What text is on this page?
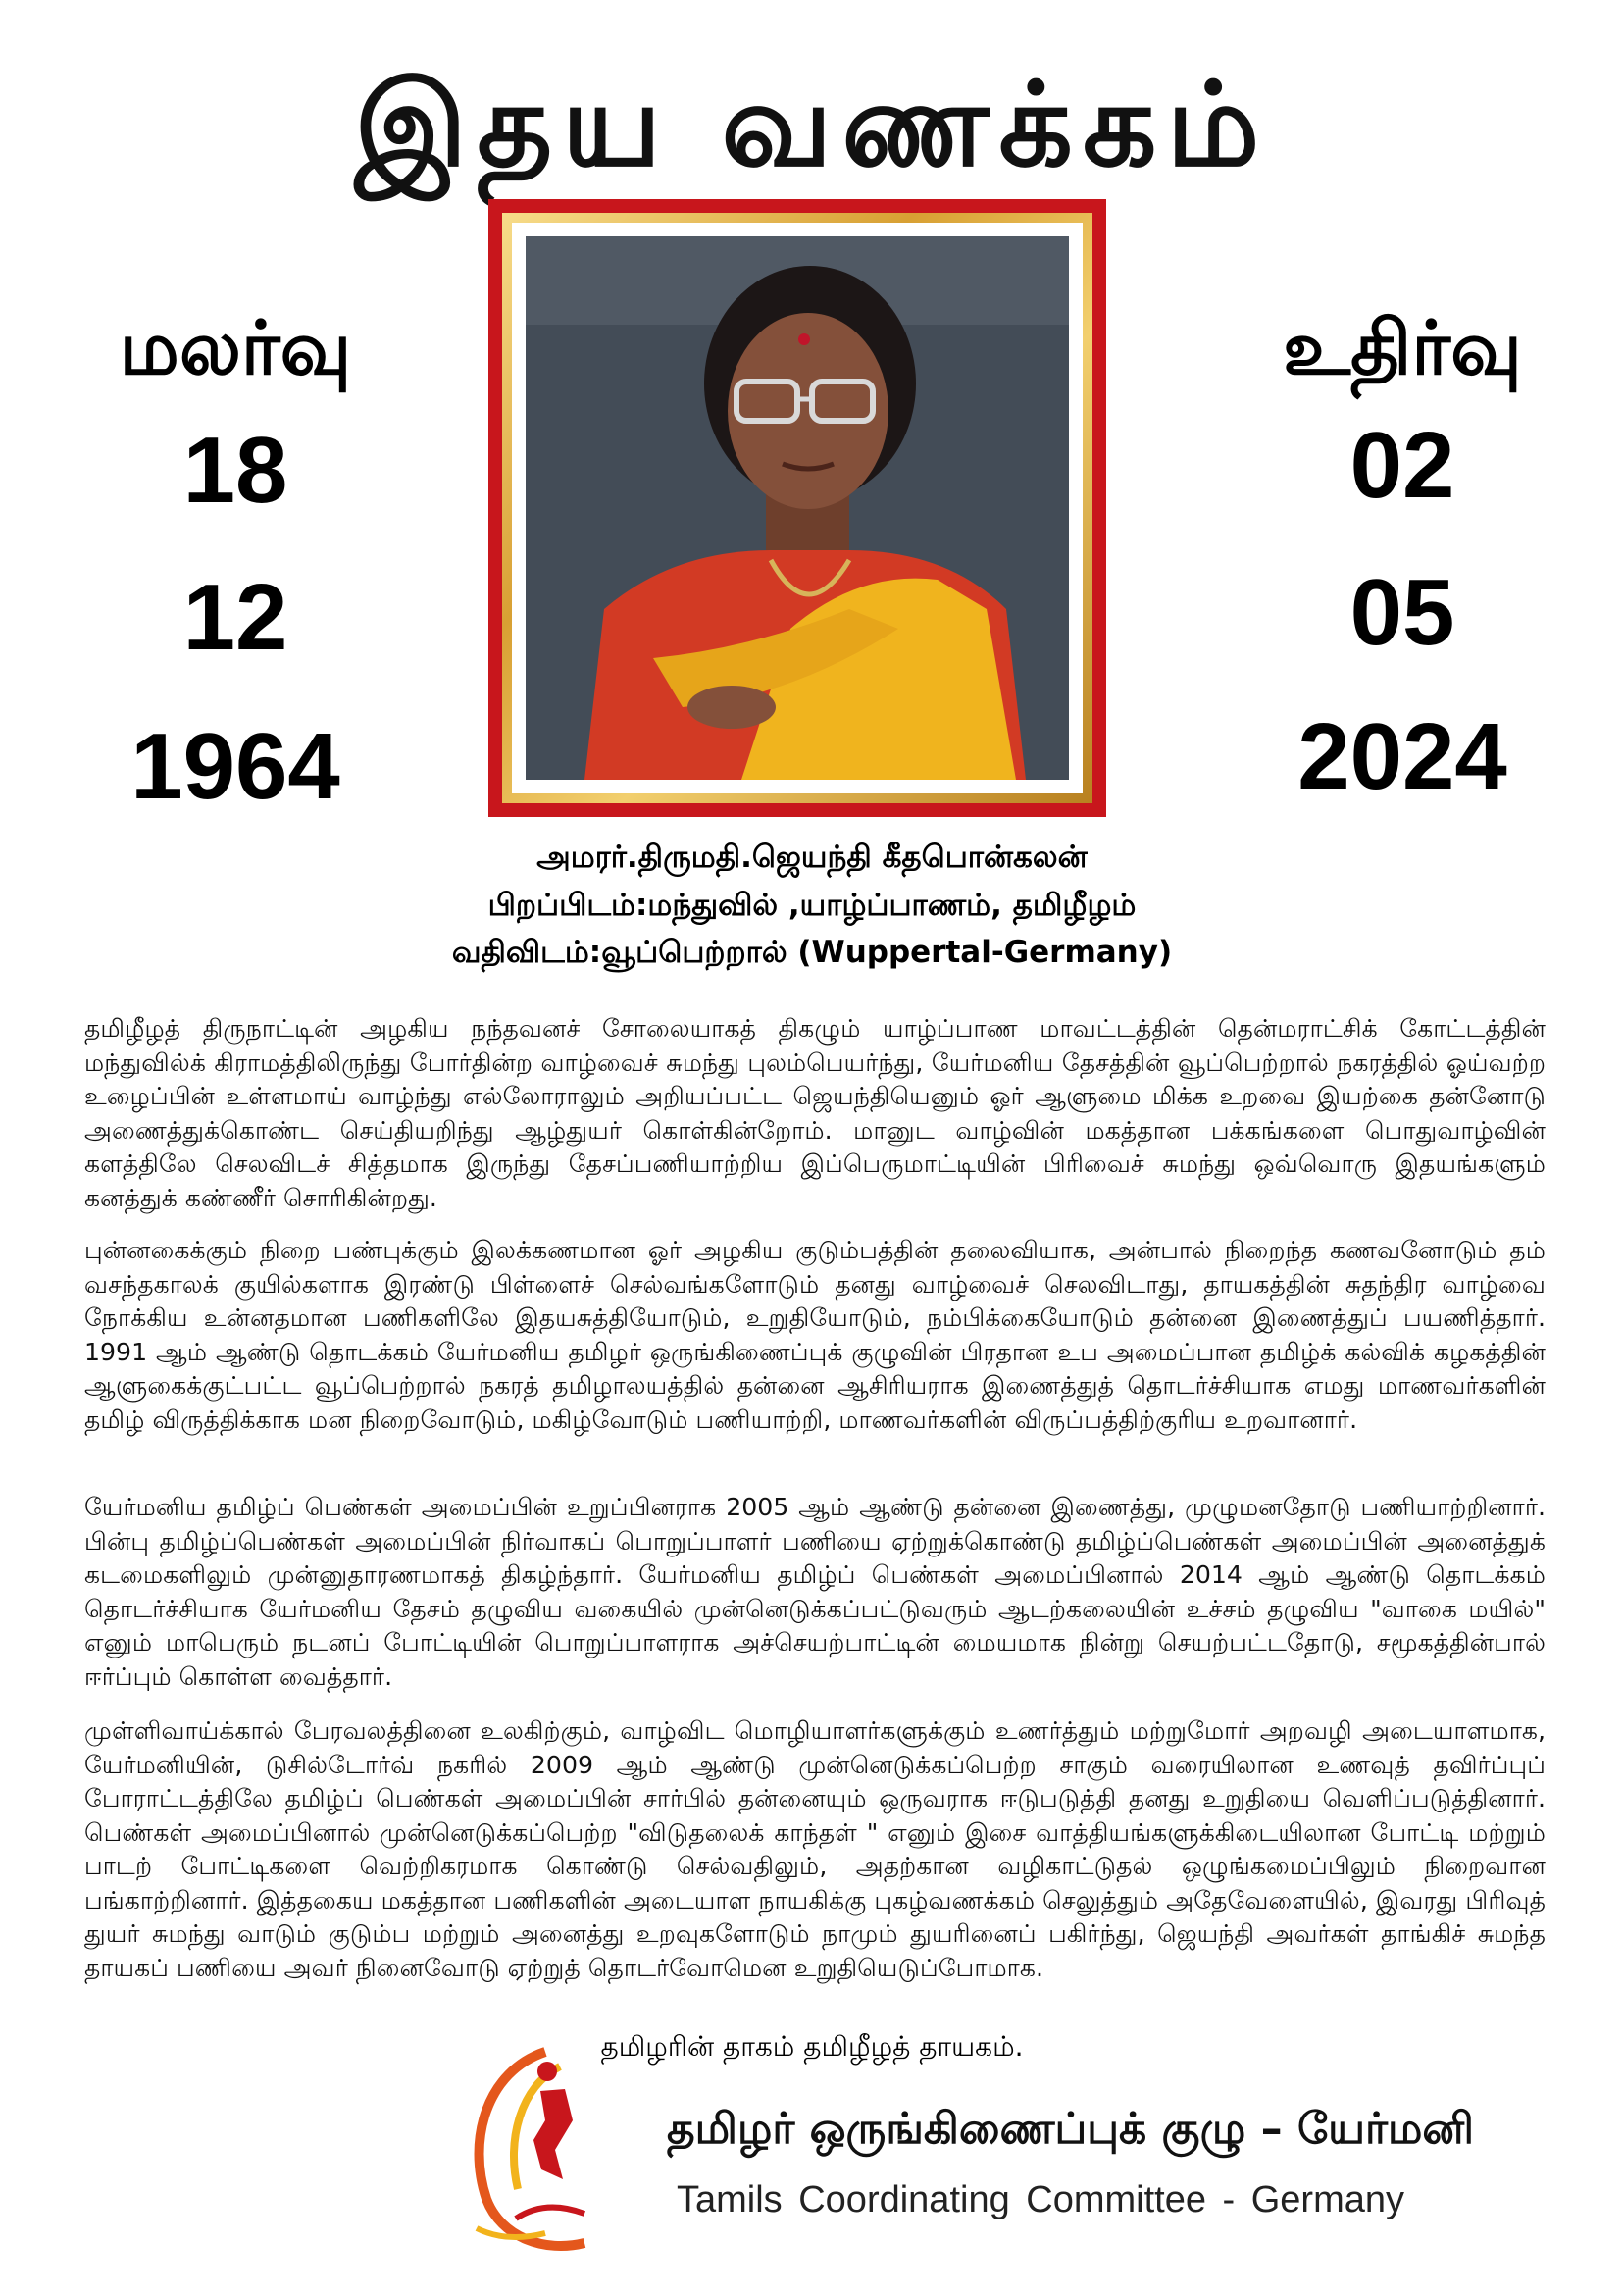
இதய வணக்கம்
மலர்வு
18
12
1964
உதிர்வு
02
05
2024
அமரர்.திருமதி.ஜெயந்தி கீதபொன்கலன்
பிறப்பிடம்:மந்துவில் ,யாழ்ப்பாணம், தமிழீழம்
வதிவிடம்:வூப்பெற்றால் (Wuppertal-Germany)

தமிழீழத் திருநாட்டின் அழகிய நந்தவனச் சோலையாகத் திகழும் யாழ்ப்பாண மாவட்டத்தின் தென்மராட்சிக் கோட்டத்தின் மந்துவில்க் கிராமத்திலிருந்து போர்தின்ற வாழ்வைச் சுமந்து புலம்பெயர்ந்து, யேர்மனிய தேசத்தின் வூப்பெற்றால் நகரத்தில் ஓய்வற்ற உழைப்பின் உள்ளமாய் வாழ்ந்து எல்லோராலும் அறியப்பட்ட ஜெயந்தியெனும் ஓர் ஆளுமை மிக்க உறவை இயற்கை தன்னோடு அணைத்துக்கொண்ட செய்தியறிந்து ஆழ்துயர் கொள்கின்றோம். மானுட வாழ்வின் மகத்தான பக்கங்களை பொதுவாழ்வின் களத்திலே செலவிடச் சித்தமாக இருந்து தேசப்பணியாற்றிய இப்பெருமாட்டியின் பிரிவைச் சுமந்து ஒவ்வொரு இதயங்களும் கனத்துக் கண்ணீர் சொரிகின்றது.

புன்னகைக்கும் நிறை பண்புக்கும் இலக்கணமான ஓர் அழகிய குடும்பத்தின் தலைவியாக, அன்பால் நிறைந்த கணவனோடும் தம் வசந்தகாலக் குயில்களாக இரண்டு பிள்ளைச் செல்வங்களோடும் தனது வாழ்வைச் செலவிடாது, தாயகத்தின் சுதந்திர வாழ்வை நோக்கிய உன்னதமான பணிகளிலே இதயசுத்தியோடும், உறுதியோடும், நம்பிக்கையோடும் தன்னை இணைத்துப் பயணித்தார். 1991 ஆம் ஆண்டு தொடக்கம் யேர்மனிய தமிழர் ஒருங்கிணைப்புக் குழுவின் பிரதான உப அமைப்பான தமிழ்க் கல்விக் கழகத்தின் ஆளுகைக்குட்பட்ட வூப்பெற்றால் நகரத் தமிழாலயத்தில் தன்னை ஆசிரியராக இணைத்துத் தொடர்ச்சியாக எமது மாணவர்களின் தமிழ் விருத்திக்காக மன நிறைவோடும், மகிழ்வோடும் பணியாற்றி, மாணவர்களின் விருப்பத்திற்குரிய உறவானார்.

யேர்மனிய தமிழ்ப் பெண்கள் அமைப்பின் உறுப்பினராக 2005 ஆம் ஆண்டு தன்னை இணைத்து, முழுமனதோடு பணியாற்றினார். பின்பு தமிழ்ப்பெண்கள் அமைப்பின் நிர்வாகப் பொறுப்பாளர் பணியை ஏற்றுக்கொண்டு தமிழ்ப்பெண்கள் அமைப்பின் அனைத்துக் கடமைகளிலும் முன்னுதாரணமாகத் திகழ்ந்தார். யேர்மனிய தமிழ்ப் பெண்கள் அமைப்பினால் 2014 ஆம் ஆண்டு தொடக்கம் தொடர்ச்சியாக யேர்மனிய தேசம் தழுவிய வகையில் முன்னெடுக்கப்பட்டுவரும் ஆடற்கலையின் உச்சம் தழுவிய "வாகை மயில்" எனும் மாபெரும் நடனப் போட்டியின் பொறுப்பாளராக அச்செயற்பாட்டின் மையமாக நின்று செயற்பட்டதோடு, சமூகத்தின்பால் ஈர்ப்பும் கொள்ள வைத்தார்.

முள்ளிவாய்க்கால் பேரவலத்தினை உலகிற்கும், வாழ்விட மொழியாளர்களுக்கும் உணர்த்தும் மற்றுமோர் அறவழி அடையாளமாக, யேர்மனியின், டுசில்டோர்வ் நகரில் 2009 ஆம் ஆண்டு முன்னெடுக்கப்பெற்ற சாகும் வரையிலான உணவுத் தவிர்ப்புப் போராட்டத்திலே தமிழ்ப் பெண்கள் அமைப்பின் சார்பில் தன்னையும் ஒருவராக ஈடுபடுத்தி தனது உறுதியை வெளிப்படுத்தினார். பெண்கள் அமைப்பினால் முன்னெடுக்கப்பெற்ற "விடுதலைக் காந்தள் " எனும் இசை வாத்தியங்களுக்கிடையிலான போட்டி மற்றும் பாடற் போட்டிகளை வெற்றிகரமாக கொண்டு செல்வதிலும், அதற்கான வழிகாட்டுதல் ஒழுங்கமைப்பிலும் நிறைவான பங்காற்றினார். இத்தகைய மகத்தான பணிகளின் அடையாள நாயகிக்கு புகழ்வணக்கம் செலுத்தும் அதேவேளையில், இவரது பிரிவுத் துயர் சுமந்து வாடும் குடும்ப மற்றும் அனைத்து உறவுகளோடும் நாமும் துயரினைப் பகிர்ந்து, ஜெயந்தி அவர்கள் தாங்கிச் சுமந்த தாயகப் பணியை அவர் நினைவோடு ஏற்றுத் தொடர்வோமென உறுதியெடுப்போமாக.

தமிழரின் தாகம் தமிழீழத் தாயகம்.
தமிழர் ஒருங்கிணைப்புக் குழு – யேர்மனி
Tamils Coordinating Committee - Germany
